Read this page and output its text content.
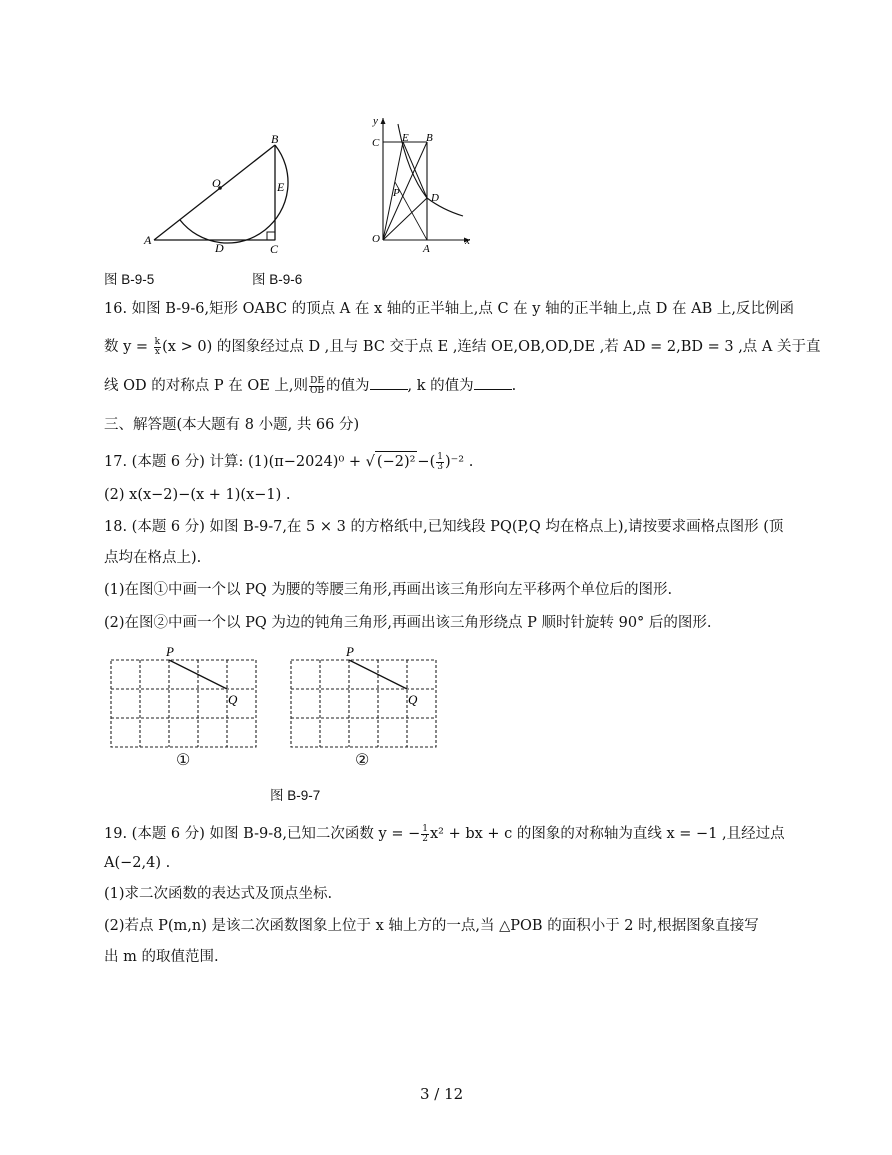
B
O	E
A
D	C
y
C E B
P	D
O
A
x
图 B-9-5	图 B-9-6
16. 如图 B-9-6,矩形 OABC 的顶点 A 在 x 轴的正半轴上,点 C 在 y 轴的正半轴上,点 D 在 AB 上,反比例函
数 $y = \frac{k}{x} (x > 0)$ 的图象经过点 D ,且与 BC 交于点 E ,连结 OE,OB,OD,DE ,若 AD = 2,BD = 3 ,点 A 关于直
线 OD 的对称点 P 在 OE 上,则 $\frac{DE}{OB}$ 的值为	, k 的值为	.
三、解答题(本大题有 8 小题, 共 66 分)
17. (本题 6 分) 计算: (1)(π−2024)⁰ + √ (−2)² −( $\frac{1}{3} )^{-2}$ .
(2) x(x−2)−(x + 1)(x−1) .
18. (本题 6 分) 如图 B-9-7,在 5 × 3 的方格纸中,已知线段 PQ(P,Q 均在格点上),请按要求画格点图形 (顶
点均在格点上).
(1)在图①中画一个以 PQ 为腰的等腰三角形,再画出该三角形向左平移两个单位后的图形.
(2)在图②中画一个以 PQ 为边的钝角三角形,再画出该三角形绕点 P 顺时针旋转 90° 后的图形.
P
Q
P
Q
①	②
图 B-9-7
19. (本题 6 分) 如图 B-9-8,已知二次函数 y = − $\frac{1}{2} x^2$ + bx + c 的图象的对称轴为直线 x = −1 ,且经过点
A(−2,4) .
(1)求二次函数的表达式及顶点坐标.
(2)若点 P(m,n) 是该二次函数图象上位于 x 轴上方的一点,当 △POB 的面积小于 2 时,根据图象直接写
出 m 的取值范围.
3 / 12
